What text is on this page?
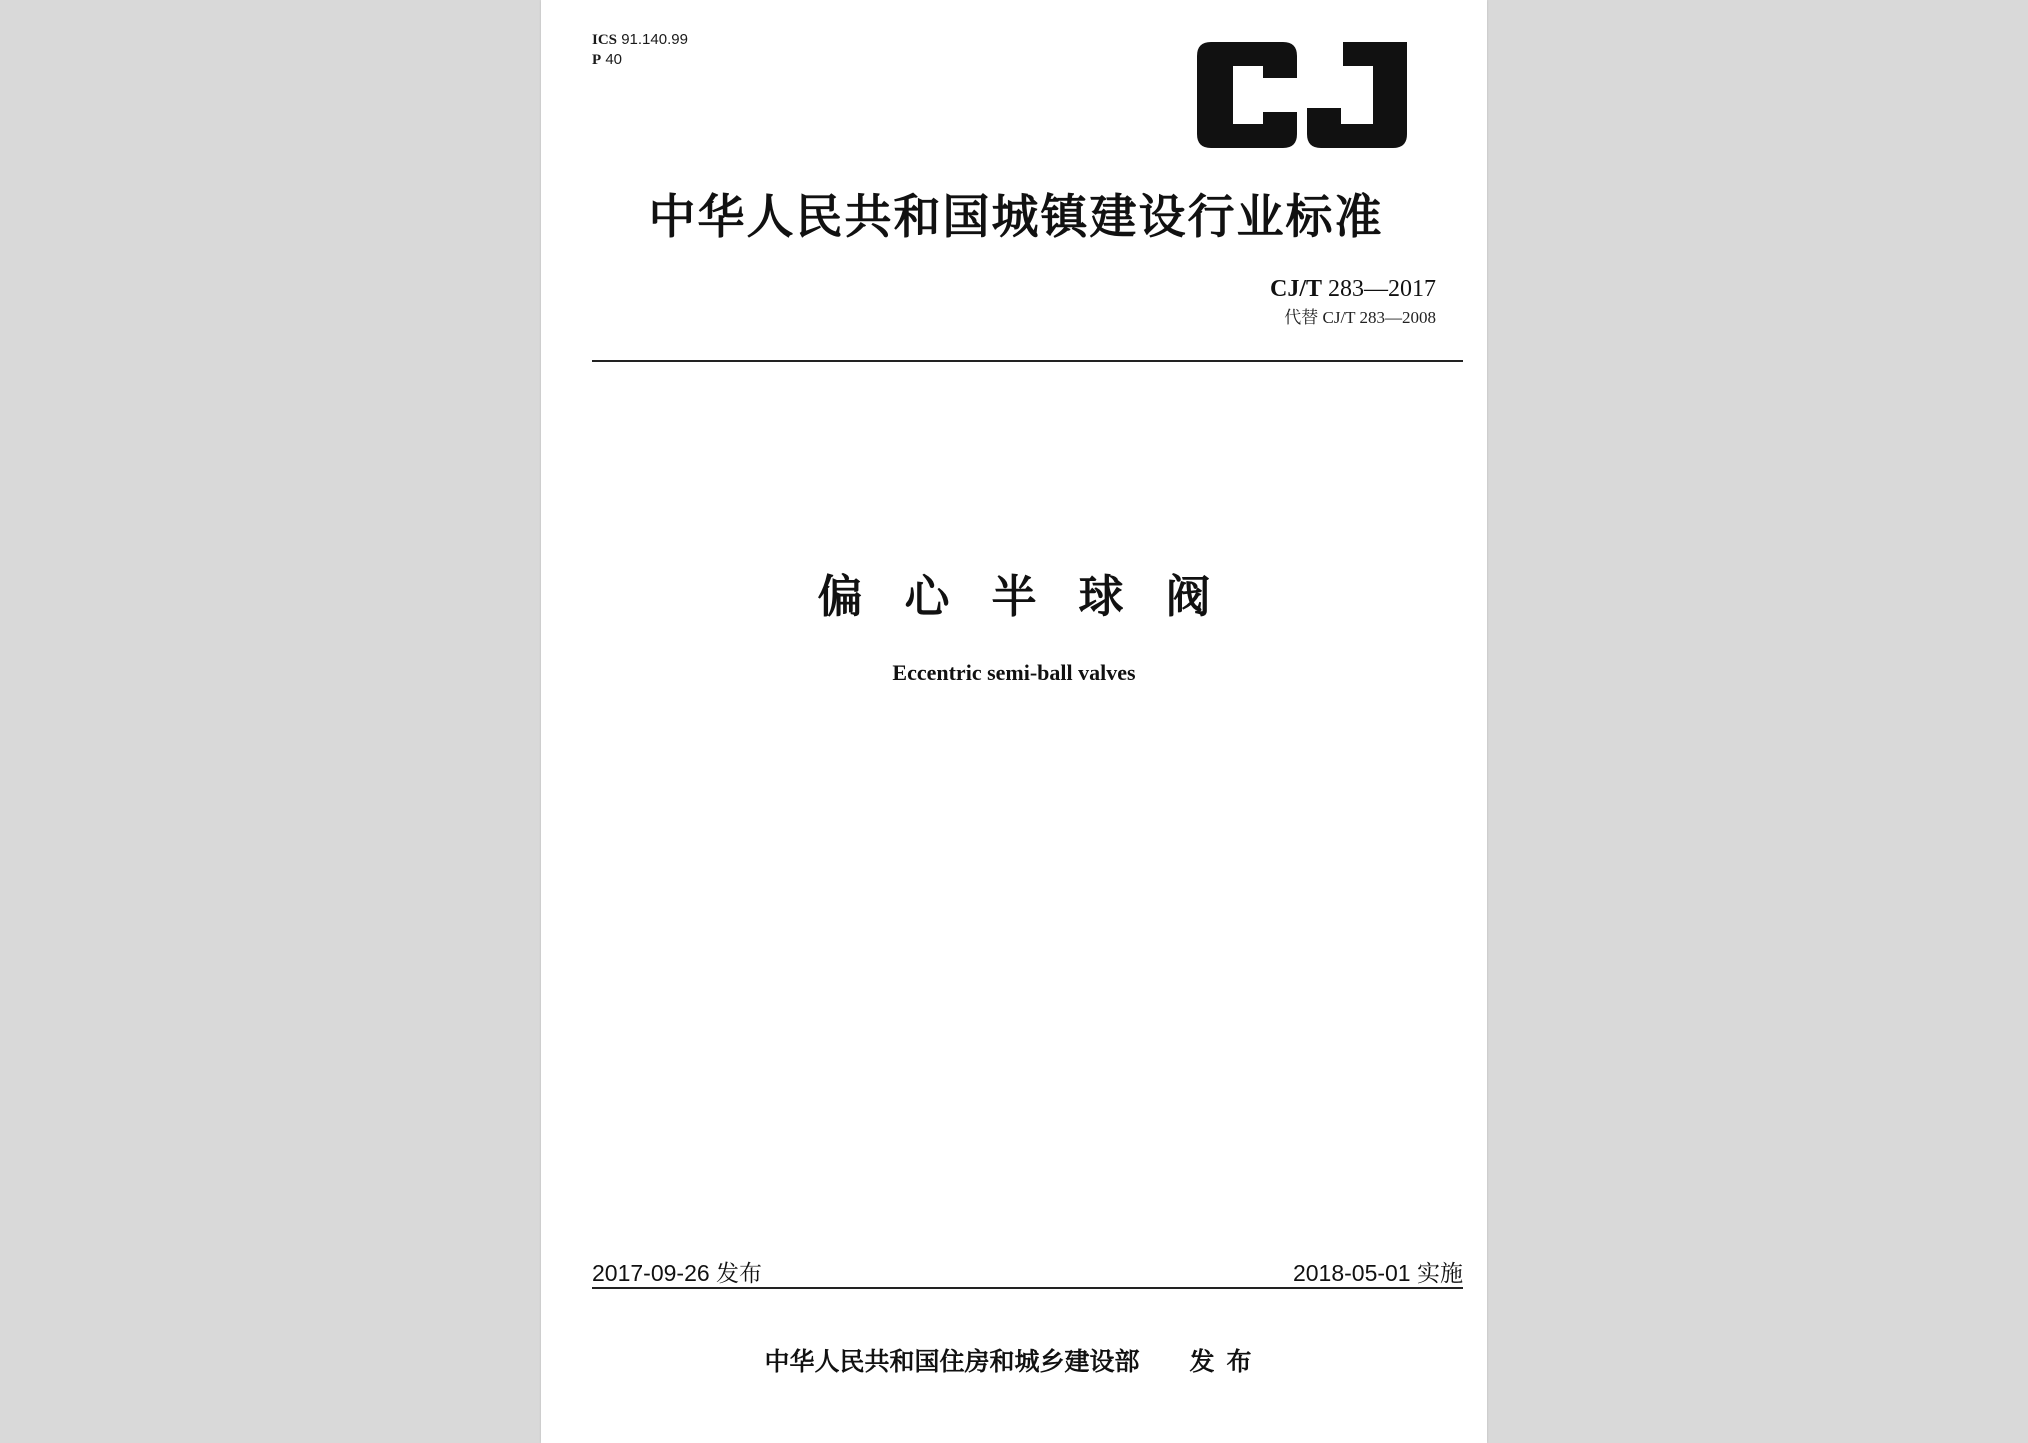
ICS 91.140.99
P 40
中华人民共和国城镇建设行业标准
CJ/T 283—2017
代替 CJ/T 283—2008
偏心半球阀
Eccentric semi-ball valves
2017-09-26 发布	2018-05-01 实施
中华人民共和国住房和城乡建设部 发布
